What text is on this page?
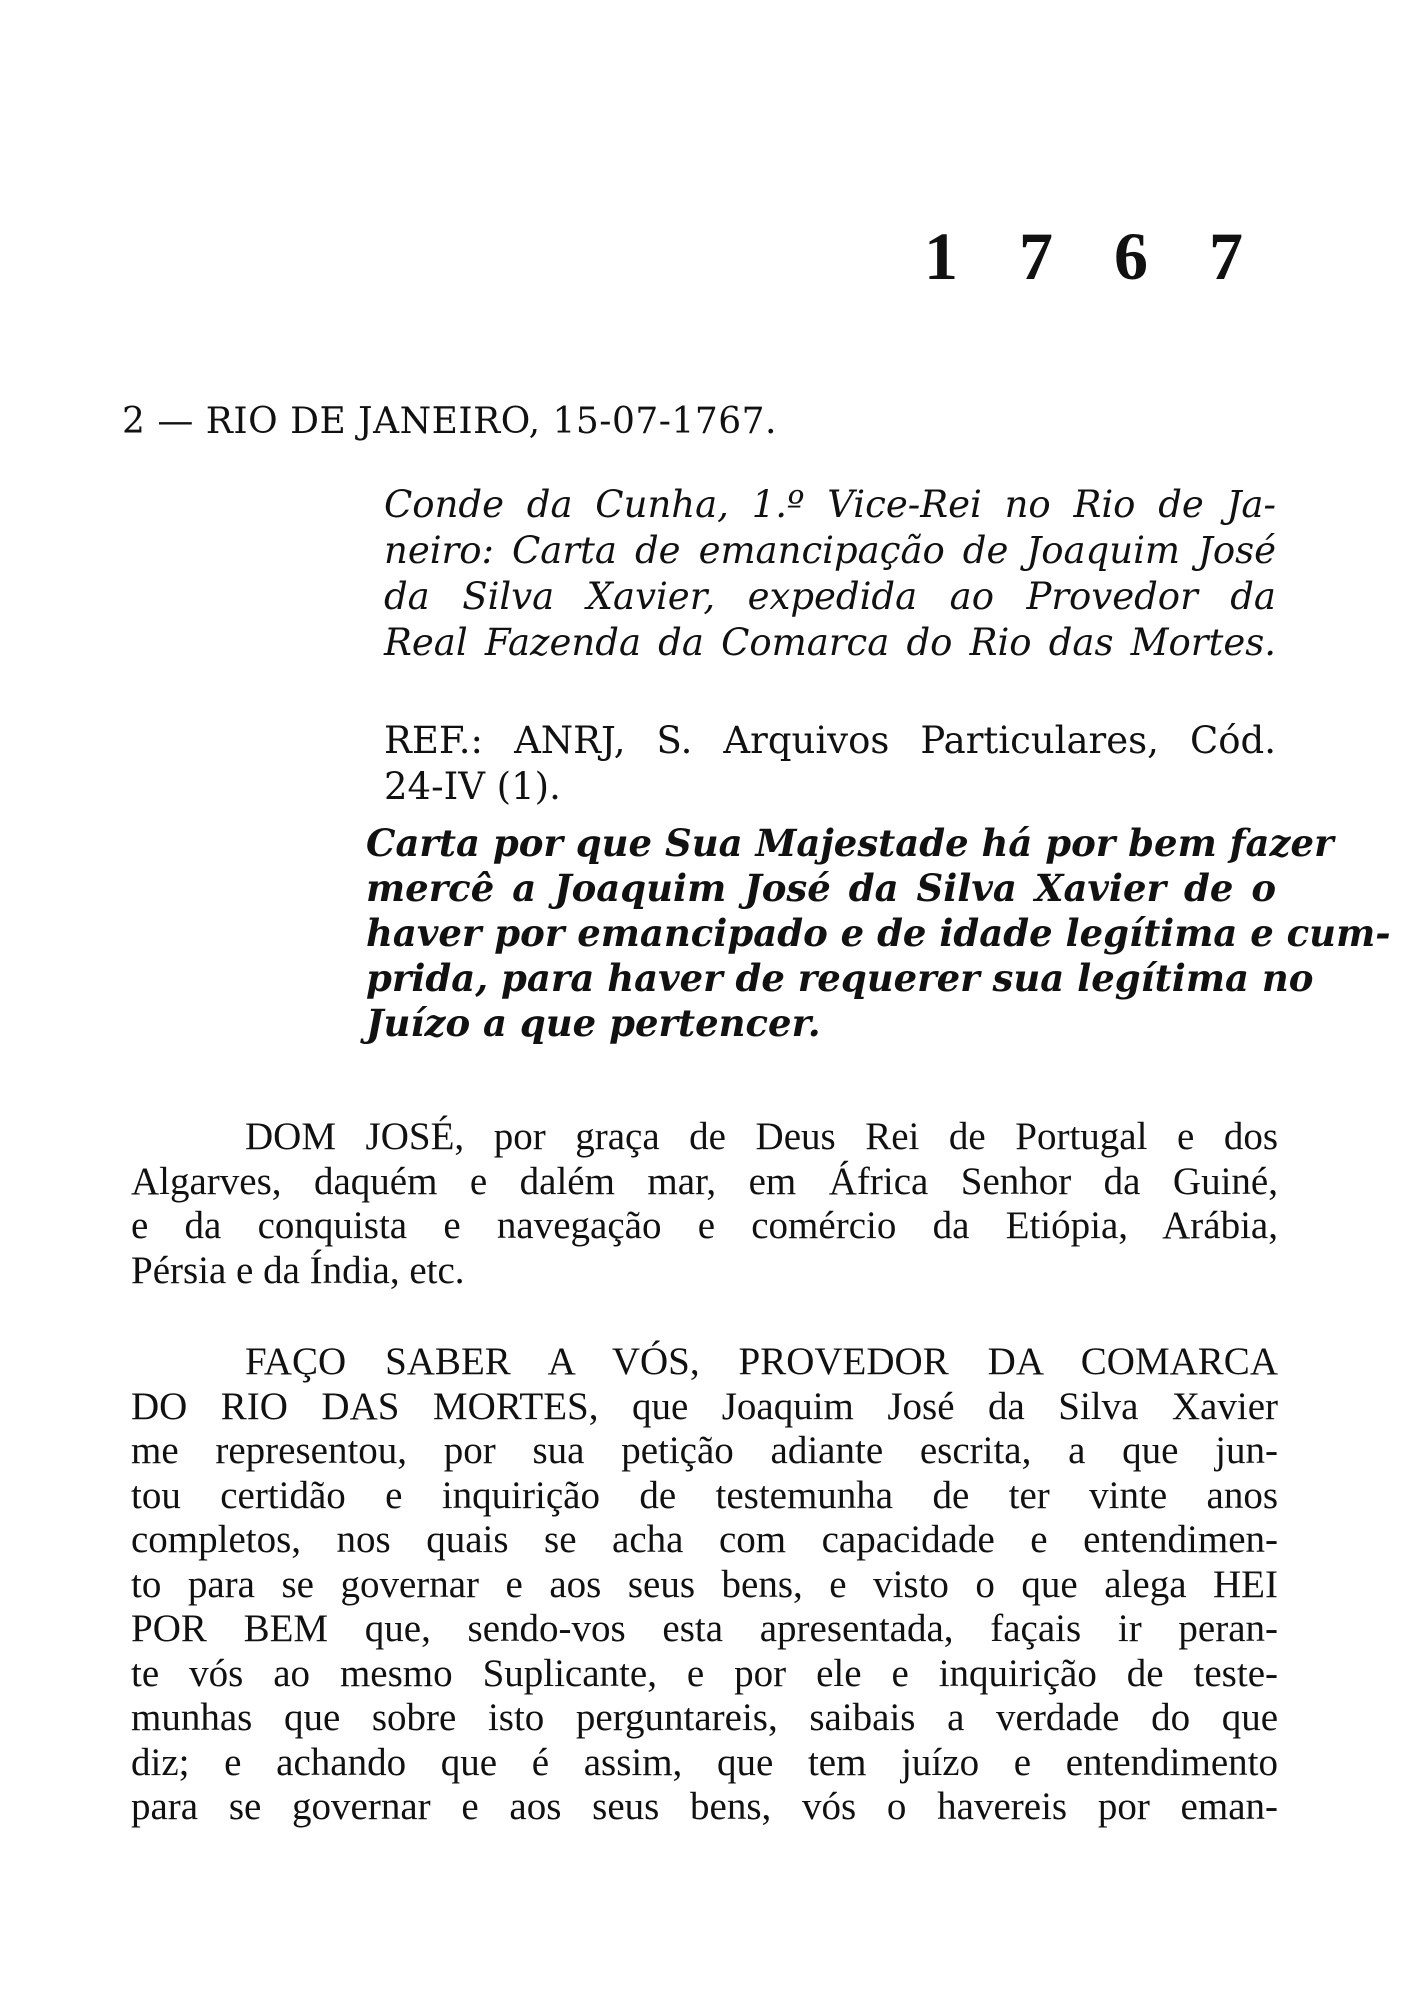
1 7 6 7
2 — RIO DE JANEIRO, 15-07-1767.
Conde da Cunha, 1.º Vice-Rei no Rio de Ja-
neiro: Carta de emancipação de Joaquim José
da Silva Xavier, expedida ao Provedor da
Real Fazenda da Comarca do Rio das Mortes.
REF.: ANRJ, S. Arquivos Particulares, Cód.
24-IV (1).
Carta por que Sua Majestade há por bem fazer
mercê a Joaquim José da Silva Xavier de o
haver por emancipado e de idade legítima e cum-
prida, para haver de requerer sua legítima no
Juízo a que pertencer.
DOM JOSÉ, por graça de Deus Rei de Portugal e dos
Algarves, daquém e dalém mar, em África Senhor da Guiné,
e da conquista e navegação e comércio da Etiópia, Arábia,
Pérsia e da Índia, etc.
FAÇO SABER A VÓS, PROVEDOR DA COMARCA
DO RIO DAS MORTES, que Joaquim José da Silva Xavier
me representou, por sua petição adiante escrita, a que jun-
tou certidão e inquirição de testemunha de ter vinte anos
completos, nos quais se acha com capacidade e entendimen-
to para se governar e aos seus bens, e visto o que alega HEI
POR BEM que, sendo-vos esta apresentada, façais ir peran-
te vós ao mesmo Suplicante, e por ele e inquirição de teste-
munhas que sobre isto perguntareis, saibais a verdade do que
diz; e achando que é assim, que tem juízo e entendimento
para se governar e aos seus bens, vós o havereis por eman-
